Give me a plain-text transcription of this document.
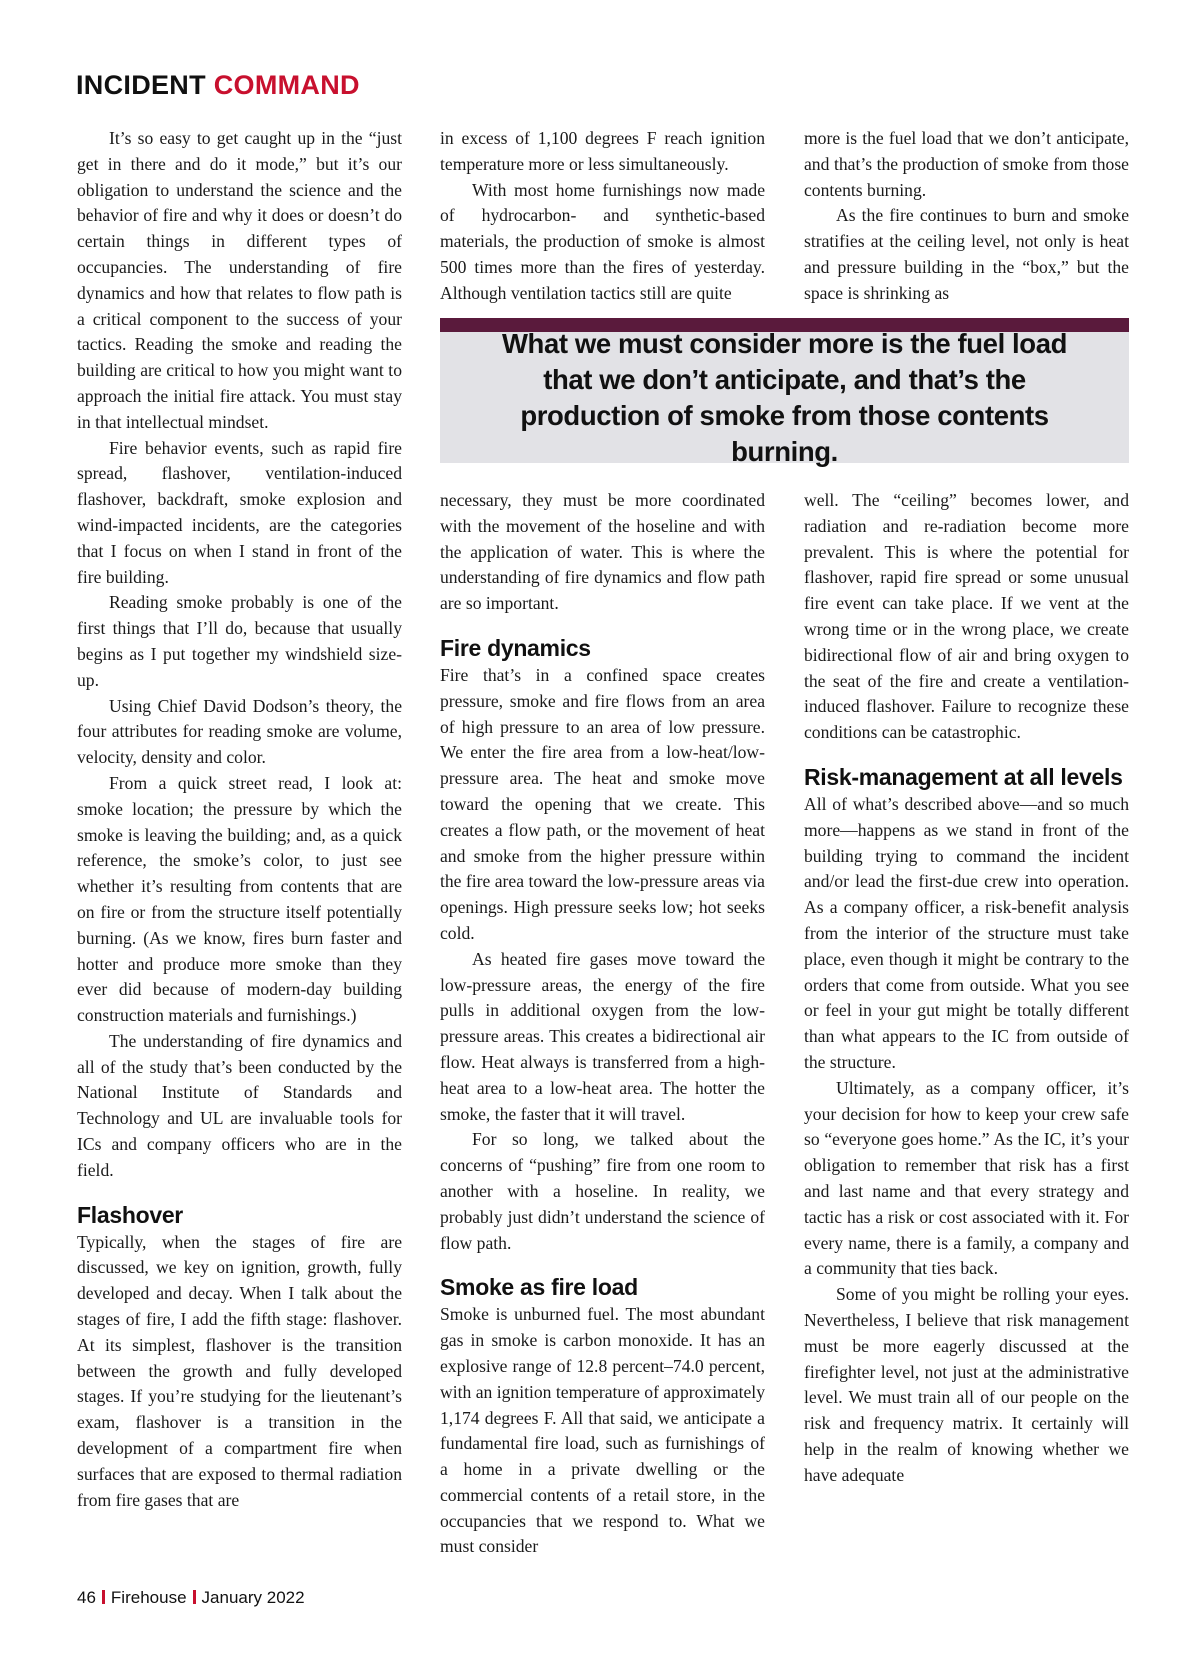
INCIDENT COMMAND

It’s so easy to get caught up in the “just get in there and do it mode,” but it’s our obligation to understand the science and the behavior of fire and why it does or doesn’t do certain things in different types of occupancies. The understanding of fire dynamics and how that relates to flow path is a critical component to the success of your tactics. Reading the smoke and reading the building are critical to how you might want to approach the initial fire attack. You must stay in that intellectual mindset.

Fire behavior events, such as rapid fire spread, flashover, ventilation-induced flashover, backdraft, smoke explosion and wind-impacted incidents, are the categories that I focus on when I stand in front of the fire building.

Reading smoke probably is one of the first things that I’ll do, because that usually begins as I put together my windshield size-up.

Using Chief David Dodson’s theory, the four attributes for reading smoke are volume, velocity, density and color.

From a quick street read, I look at: smoke location; the pressure by which the smoke is leaving the building; and, as a quick reference, the smoke’s color, to just see whether it’s resulting from contents that are on fire or from the structure itself potentially burning. (As we know, fires burn faster and hotter and produce more smoke than they ever did because of modern-day building construction materials and furnishings.)

The understanding of fire dynamics and all of the study that’s been conducted by the National Institute of Standards and Technology and UL are invaluable tools for ICs and company officers who are in the field.

Flashover

Typically, when the stages of fire are discussed, we key on ignition, growth, fully developed and decay. When I talk about the stages of fire, I add the fifth stage: flashover. At its simplest, flashover is the transition between the growth and fully developed stages. If you’re studying for the lieutenant’s exam, flashover is a transition in the development of a compartment fire when surfaces that are exposed to thermal radiation from fire gases that are

in excess of 1,100 degrees F reach ignition temperature more or less simultaneously.

With most home furnishings now made of hydrocarbon- and synthetic-based materials, the production of smoke is almost 500 times more than the fires of yesterday. Although ventilation tactics still are quite

more is the fuel load that we don’t anticipate, and that’s the production of smoke from those contents burning.

As the fire continues to burn and smoke stratifies at the ceiling level, not only is heat and pressure building in the “box,” but the space is shrinking as

What we must consider more is the fuel load that we don’t anticipate, and that’s the production of smoke from those contents burning.

necessary, they must be more coordinated with the movement of the hoseline and with the application of water. This is where the understanding of fire dynamics and flow path are so important.

Fire dynamics

Fire that’s in a confined space creates pressure, smoke and fire flows from an area of high pressure to an area of low pressure. We enter the fire area from a low-heat/low-pressure area. The heat and smoke move toward the opening that we create. This creates a flow path, or the movement of heat and smoke from the higher pressure within the fire area toward the low-pressure areas via openings. High pressure seeks low; hot seeks cold.

As heated fire gases move toward the low-pressure areas, the energy of the fire pulls in additional oxygen from the low-pressure areas. This creates a bidirectional air flow. Heat always is transferred from a high-heat area to a low-heat area. The hotter the smoke, the faster that it will travel.

For so long, we talked about the concerns of “pushing” fire from one room to another with a hoseline. In reality, we probably just didn’t understand the science of flow path.

Smoke as fire load

Smoke is unburned fuel. The most abundant gas in smoke is carbon monoxide. It has an explosive range of 12.8 percent–74.0 percent, with an ignition temperature of approximately 1,174 degrees F. All that said, we anticipate a fundamental fire load, such as furnishings of a home in a private dwelling or the commercial contents of a retail store, in the occupancies that we respond to. What we must consider

well. The “ceiling” becomes lower, and radiation and re-radiation become more prevalent. This is where the potential for flashover, rapid fire spread or some unusual fire event can take place. If we vent at the wrong time or in the wrong place, we create bidirectional flow of air and bring oxygen to the seat of the fire and create a ventilation-induced flashover. Failure to recognize these conditions can be catastrophic.

Risk-management at all levels

All of what’s described above—and so much more—happens as we stand in front of the building trying to command the incident and/or lead the first-due crew into operation. As a company officer, a risk-benefit analysis from the interior of the structure must take place, even though it might be contrary to the orders that come from outside. What you see or feel in your gut might be totally different than what appears to the IC from outside of the structure.

Ultimately, as a company officer, it’s your decision for how to keep your crew safe so “everyone goes home.” As the IC, it’s your obligation to remember that risk has a first and last name and that every strategy and tactic has a risk or cost associated with it. For every name, there is a family, a company and a community that ties back.

Some of you might be rolling your eyes. Nevertheless, I believe that risk management must be more eagerly discussed at the firefighter level, not just at the administrative level. We must train all of our people on the risk and frequency matrix. It certainly will help in the realm of knowing whether we have adequate

46 Firehouse January 2022
